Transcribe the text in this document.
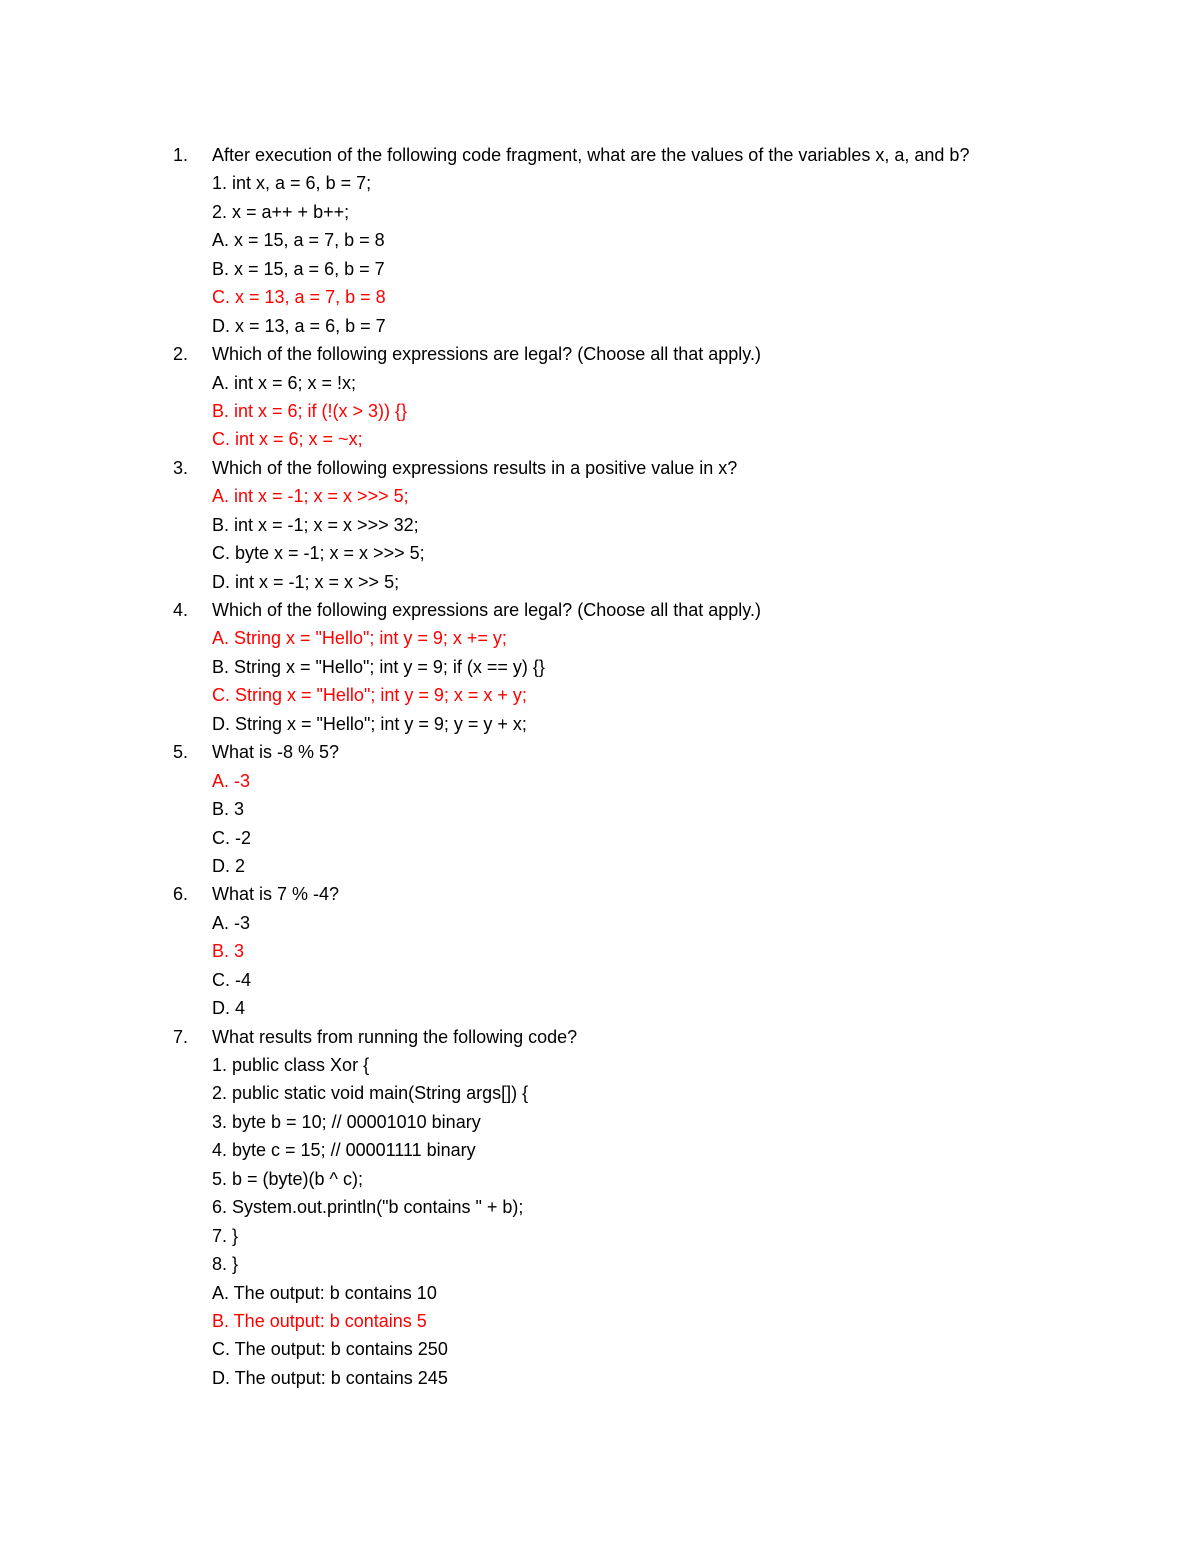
1.	After execution of the following code fragment, what are the values of the variables x, a, and b?
1. int x, a = 6, b = 7;
2. x = a++ + b++;
A. x = 15, a = 7, b = 8
B. x = 15, a = 6, b = 7
C. x = 13, a = 7, b = 8
D. x = 13, a = 6, b = 7
2.	Which of the following expressions are legal? (Choose all that apply.)
A. int x = 6; x = !x;
B. int x = 6; if (!(x > 3)) {}
C. int x = 6; x = ~x;
3.	Which of the following expressions results in a positive value in x?
A. int x = -1; x = x >>> 5;
B. int x = -1; x = x >>> 32;
C. byte x = -1; x = x >>> 5;
D. int x = -1; x = x >> 5;
4.	Which of the following expressions are legal? (Choose all that apply.)
A. String x = "Hello"; int y = 9; x += y;
B. String x = "Hello"; int y = 9; if (x == y) {}
C. String x = "Hello"; int y = 9; x = x + y;
D. String x = "Hello"; int y = 9; y = y + x;
5.	What is -8 % 5?
A. -3
B. 3
C. -2
D. 2
6.	What is 7 % -4?
A. -3
B. 3
C. -4
D. 4
7.	What results from running the following code?
1. public class Xor {
2. public static void main(String args[]) {
3. byte b = 10; // 00001010 binary
4. byte c = 15; // 00001111 binary
5. b = (byte)(b ^ c);
6. System.out.println("b contains " + b);
7. }
8. }
A. The output: b contains 10
B. The output: b contains 5
C. The output: b contains 250
D. The output: b contains 245
